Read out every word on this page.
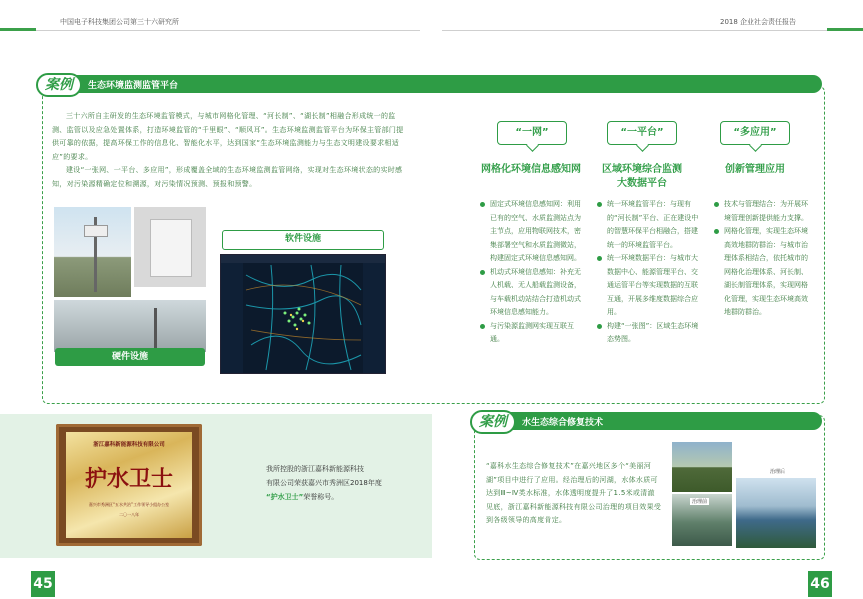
中国电子科技集团公司第三十六研究所	2018 企业社会责任报告
生态环境监测监管平台
案例

三十六所自主研发的生态环境监管模式，与城市网格化管理、“河长制”、“湖长制”相融合形成统一的监测、监管以及应急处置体系，打造环境监管的“千里眼”、“顺风耳”。生态环境监测监管平台为环保主管部门提供可靠的依据，提高环保工作的信息化、智能化水平，达到国家“生态环境监测能力与生态文明建设要求相适应”的要求。

建设“一张网、一平台、多应用”，形成覆盖全域的生态环境监测监管网络，实现对生态环境状态的实时感知，对污染源精确定位和溯源，对污染情况预测、预报和预警。

硬件设施
软件设施
“一网”	“一平台”	“多应用”
网格化环境信息感知网	区域环境综合监测大数据平台
创新管理应用
固定式环境信息感知网：利用已有的空气、水质监测站点为主节点，应用物联网技术，密集部署空气和水质监测微站，构建固定式环境信息感知网。
机动式环境信息感知：补充无人机载、无人船载监测设备，与车载机动站结合打造机动式环境信息感知能力。
与污染源监测网实现互联互通。
统一环境监管平台：与现有的“河长制”平台、正在建设中的智慧环保平台相融合，搭建统一的环境监管平台。
统一环境数据平台：与城市大数据中心、能源管理平台、交通运管平台等实现数据的互联互通，开展多维度数据综合应用。
构建“一张图”：区域生态环境态势图。
技术与管理结合：为开展环境管理创新提供能力支撑。
网格化管理，实现生态环境高效地群防群治：与城市治理体系相结合，依托城市的网格化治理体系、河长制、湖长制管理体系，实现网格化管理，实现生态环境高效地群防群治。
浙江嘉科新能源科技有限公司
护水卫士
嘉兴市秀洲区“五水共治”工作领导小组办公室
二〇一八年
我所控股的浙江嘉科新能源科技
有限公司荣获嘉兴市秀洲区2018年度
“护水卫士”荣誉称号。
水生态综合修复技术
案例

“嘉科水生态综合修复技术”在嘉兴地区多个“美丽河湖”项目中进行了应用。经治理后的河湖，水体水质可达到Ⅲ~Ⅳ类水标准，水体透明度提升了1.5米或清澈见底，浙江嘉科新能源科技有限公司治理的项目效果受到各级领导的高度肯定。

治理前
治理后
45	46
